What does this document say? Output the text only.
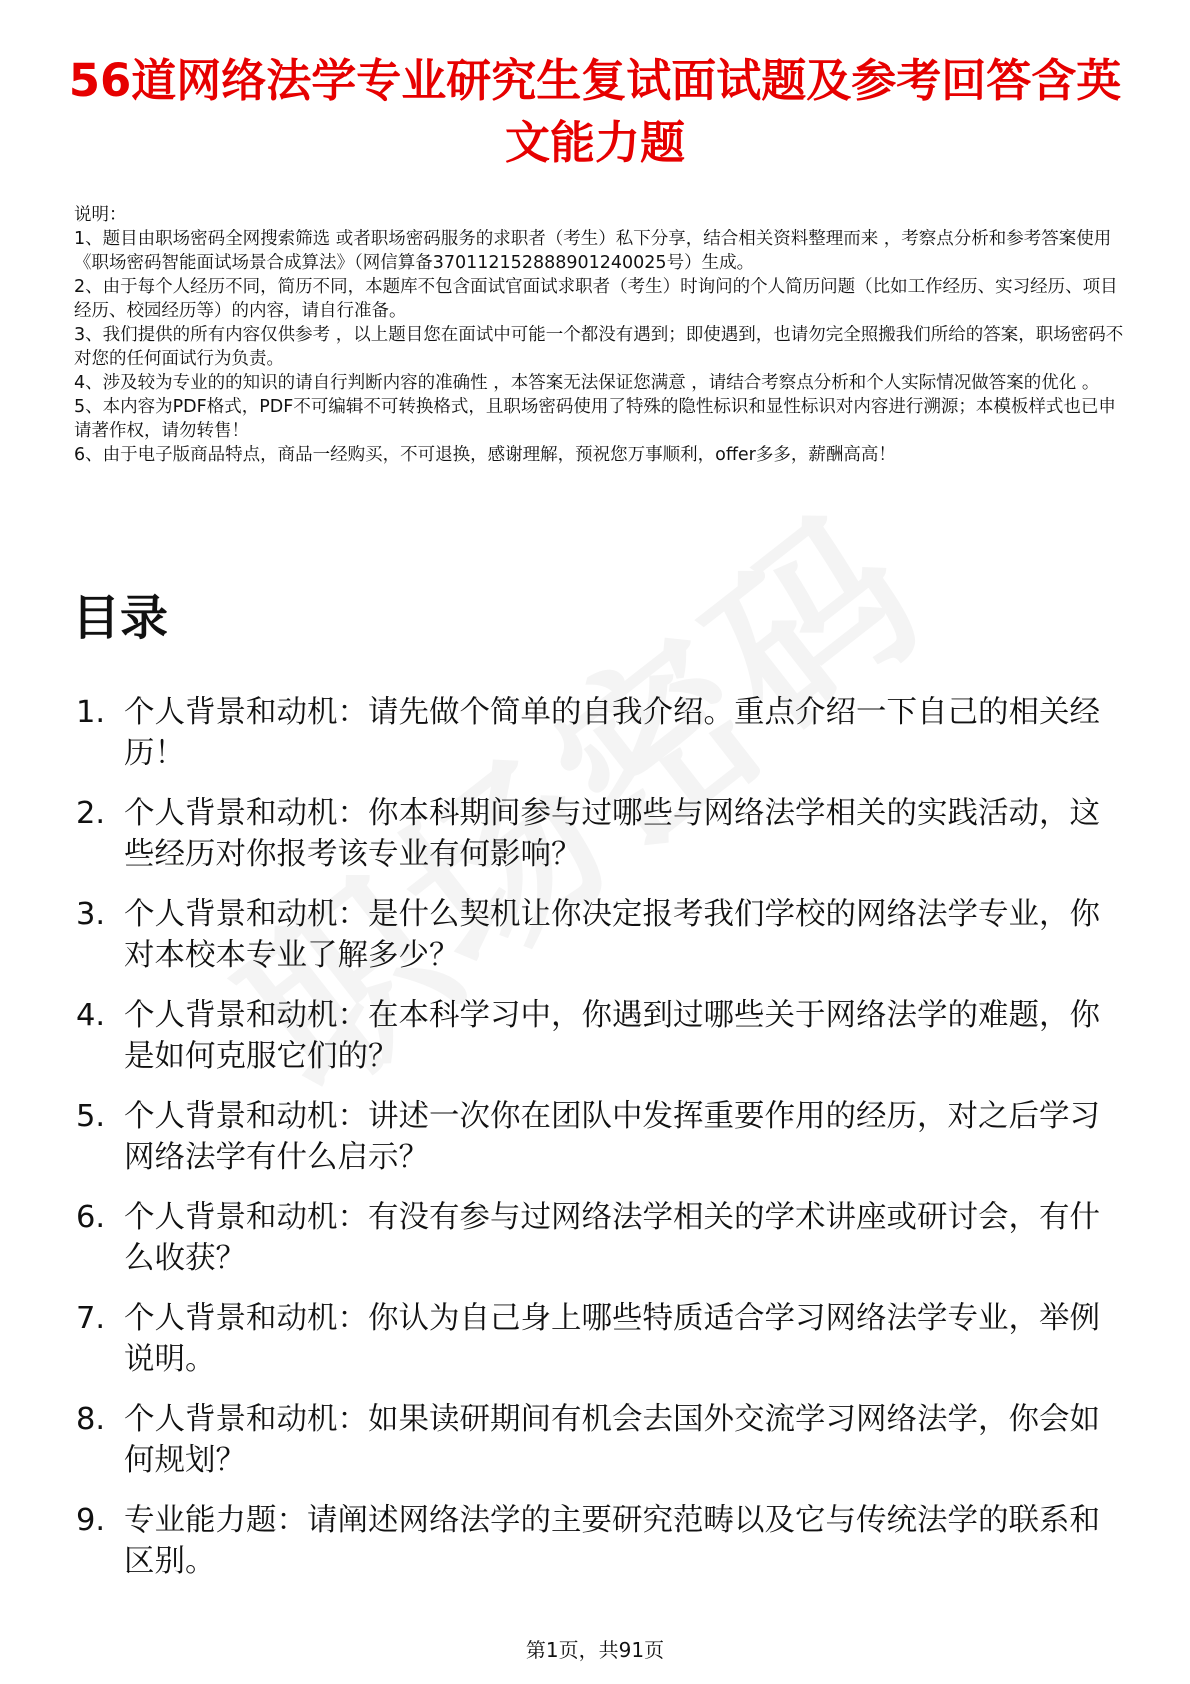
56道网络法学专业研究生复试面试题及参考回答含英文能力题

说明：

1、题目由职场密码全网搜索筛选 或者职场密码服务的求职者（考生）私下分享，结合相关资料整理而来 ，考察点分析和参考答案使用《职场密码智能面试场景合成算法》（网信算备370112152888901240025号）生成。

2、由于每个人经历不同，简历不同，本题库不包含面试官面试求职者（考生）时询问的个人简历问题（比如工作经历、实习经历、项目经历、校园经历等）的内容，请自行准备。

3、我们提供的所有内容仅供参考 ，以上题目您在面试中可能一个都没有遇到；即使遇到，也请勿完全照搬我们所给的答案，职场密码不对您的任何面试行为负责。

4、涉及较为专业的的知识的请自行判断内容的准确性 ，本答案无法保证您满意 ，请结合考察点分析和个人实际情况做答案的优化 。

5、本内容为PDF格式，PDF不可编辑不可转换格式，且职场密码使用了特殊的隐性标识和显性标识对内容进行溯源；本模板样式也已申请著作权，请勿转售！

6、由于电子版商品特点，商品一经购买，不可退换，感谢理解，预祝您万事顺利，offer多多，薪酬高高！

目录
1. 个人背景和动机：请先做个简单的自我介绍。重点介绍一下自己的相关经历！
2. 个人背景和动机：你本科期间参与过哪些与网络法学相关的实践活动，这些经历对你报考该专业有何影响？
3. 个人背景和动机：是什么契机让你决定报考我们学校的网络法学专业，你对本校本专业了解多少？
4. 个人背景和动机：在本科学习中，你遇到过哪些关于网络法学的难题，你是如何克服它们的？
5. 个人背景和动机：讲述一次你在团队中发挥重要作用的经历，对之后学习网络法学有什么启示？
6. 个人背景和动机：有没有参与过网络法学相关的学术讲座或研讨会，有什么收获？
7. 个人背景和动机：你认为自己身上哪些特质适合学习网络法学专业，举例说明。
8. 个人背景和动机：如果读研期间有机会去国外交流学习网络法学，你会如何规划？
9. 专业能力题：请阐述网络法学的主要研究范畴以及它与传统法学的联系和区别。
第1页，共91页
